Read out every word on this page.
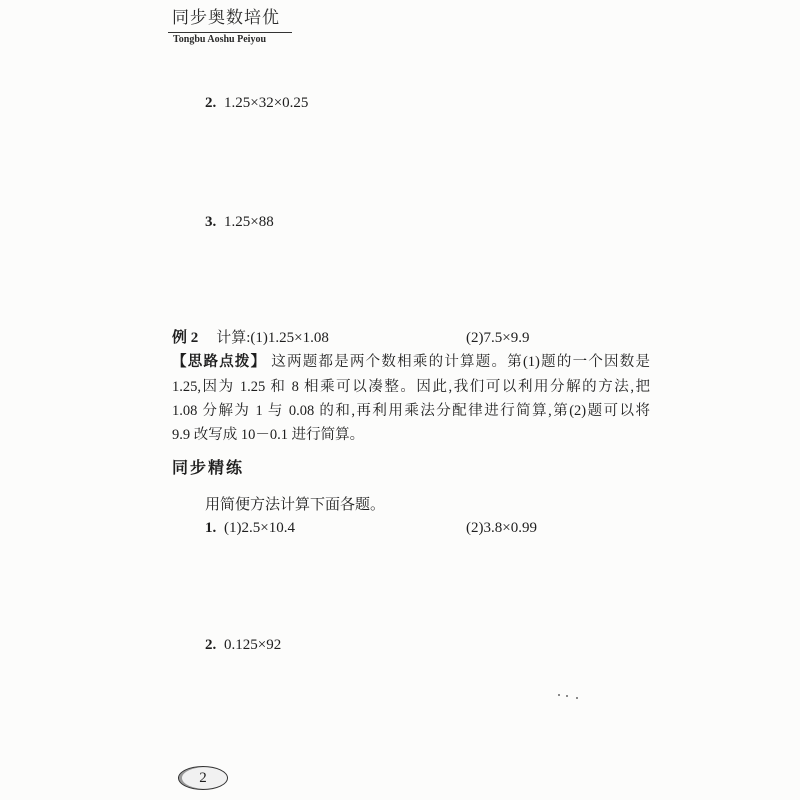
同步奥数培优
Tongbu Aoshu Peiyou
2. 1.25×32×0.25
3. 1.25×88
例 2 计算:(1)1.25×1.08	(2)7.5×9.9
【思路点拨】 这两题都是两个数相乘的计算题。第(1)题的一个因数是
1.25,因为 1.25 和 8 相乘可以凑整。因此,我们可以利用分解的方法,把
1.08 分解为 1 与 0.08 的和,再利用乘法分配律进行简算,第(2)题可以将
9.9 改写成 10－0.1 进行简算。
同步精练
用简便方法计算下面各题。
1. (1)2.5×10.4	(2)3.8×0.99
2. 0.125×92
2
